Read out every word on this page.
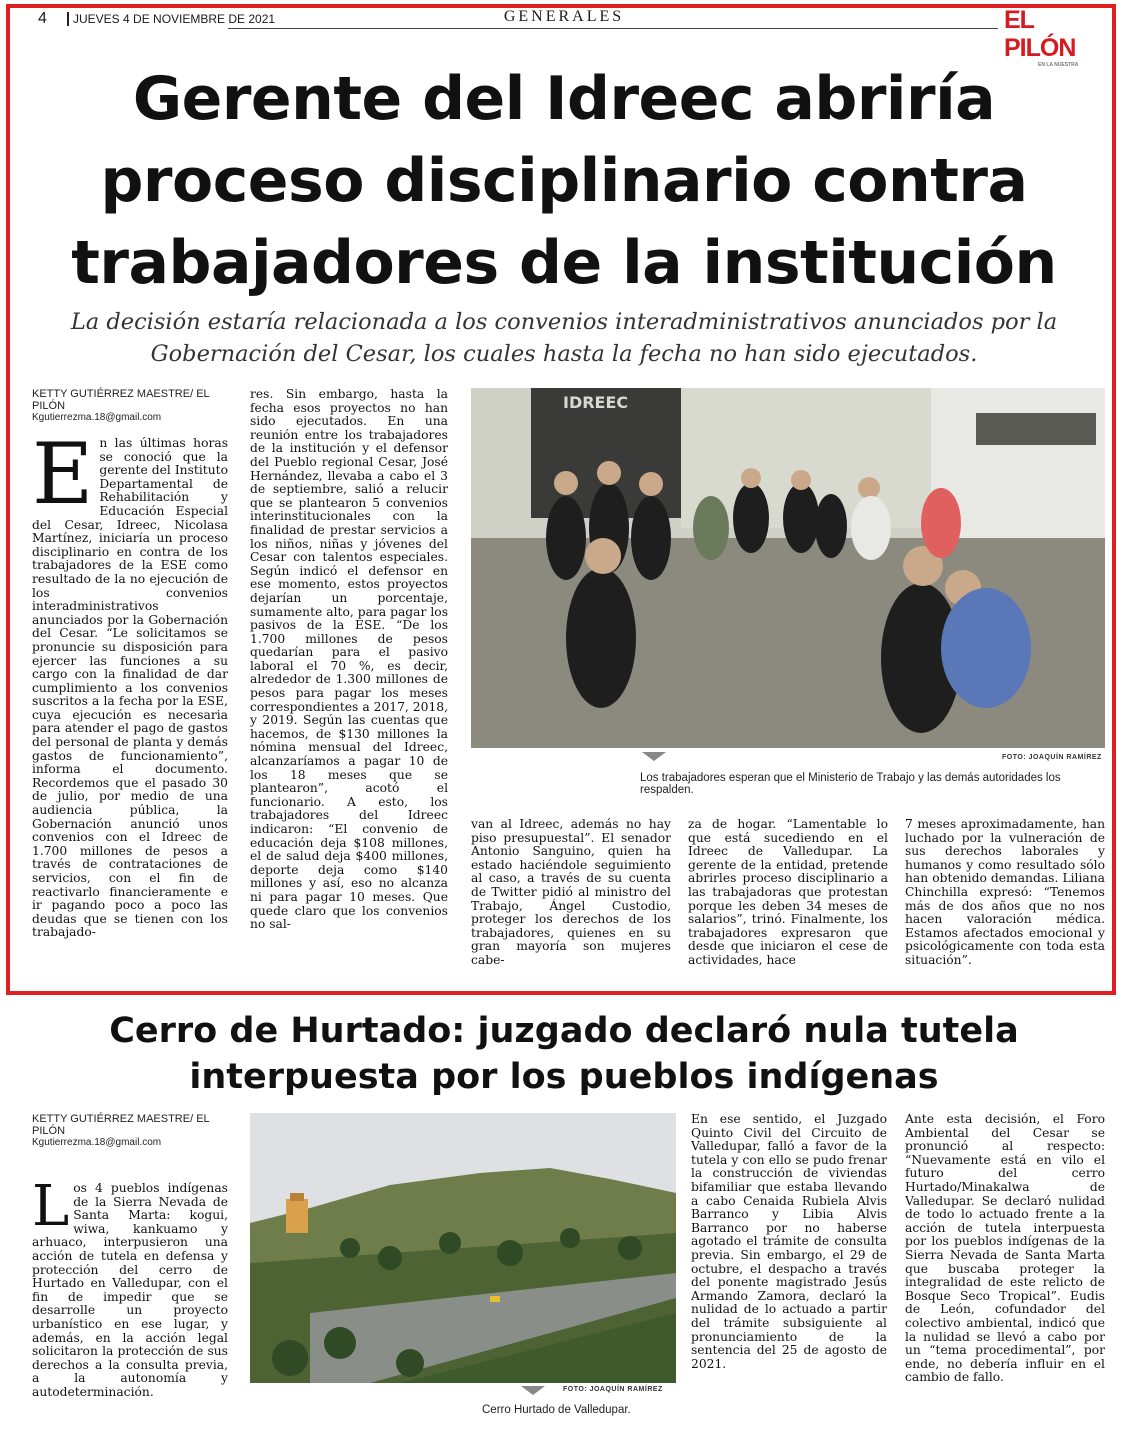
4	JUEVES 4 DE NOVIEMBRE DE 2021	GENERALES	EL PILÓN
EN LA NUESTRA
Gerente del Idreec abriría proceso disciplinario contra trabajadores de la institución
La decisión estaría relacionada a los convenios interadministrativos anunciados por la Gobernación del Cesar, los cuales hasta la fecha no han sido ejecutados.
KETTY GUTIÉRREZ MAESTRE/ EL PILÓN
Kgutierrezma.18@gmail.com
E n las últimas horas se conoció que la gerente del Instituto Departamental de Rehabilitación y Educación Especial del Cesar, Idreec, Nicolasa Martínez, iniciaría un proceso disciplinario en contra de los trabajadores de la ESE como resultado de la no ejecución de los convenios interadministrativos anunciados por la Gobernación del Cesar. “Le solicitamos se pronuncie su disposición para ejercer las funciones a su cargo con la finalidad de dar cumplimiento a los convenios suscritos a la fecha por la ESE, cuya ejecución es necesaria para atender el pago de gastos del personal de planta y demás gastos de funcionamiento”, informa el documento. Recordemos que el pasado 30 de julio, por medio de una audiencia pública, la Gobernación anunció unos convenios con el Idreec de 1.700 millones de pesos a través de contrataciones de servicios, con el fin de reactivarlo financieramente e ir pagando poco a poco las deudas que se tienen con los trabajado-
res. Sin embargo, hasta la fecha esos proyectos no han sido ejecutados. En una reunión entre los trabajadores de la institución y el defensor del Pueblo regional Cesar, José Hernández, llevaba a cabo el 3 de septiembre, salió a relucir que se plantearon 5 convenios interinstitucionales con la finalidad de prestar servicios a los niños, niñas y jóvenes del Cesar con talentos especiales. Según indicó el defensor en ese momento, estos proyectos dejarían un porcentaje, sumamente alto, para pagar los pasivos de la ESE. “De los 1.700 millones de pesos quedarían para el pasivo laboral el 70 %, es decir, alrededor de 1.300 millones de pesos para pagar los meses correspondientes a 2017, 2018, y 2019. Según las cuentas que hacemos, de $130 millones la nómina mensual del Idreec, alcanzaríamos a pagar 10 de los 18 meses que se plantearon”, acotó el funcionario. A esto, los trabajadores del Idreec indicaron: “El convenio de educación deja $108 millones, el de salud deja $400 millones, deporte deja como $140 millones y así, eso no alcanza ni para pagar 10 meses. Que quede claro que los convenios no sal-
IDREEC
FOTO: JOAQUÍN RAMÍREZ
Los trabajadores esperan que el Ministerio de Trabajo y las demás autoridades los respalden.
van al Idreec, además no hay piso presupuestal”. El senador Antonio Sanguino, quien ha estado haciéndole seguimiento al caso, a través de su cuenta de Twitter pidió al ministro del Trabajo, Ángel Custodio, proteger los derechos de los trabajadores, quienes en su gran mayoría son mujeres cabe-
za de hogar. “Lamentable lo que está sucediendo en el Idreec de Valledupar. La gerente de la entidad, pretende abrirles proceso disciplinario a las trabajadoras que protestan porque les deben 34 meses de salarios”, trinó. Finalmente, los trabajadores expresaron que desde que iniciaron el cese de actividades, hace
7 meses aproximadamente, han luchado por la vulneración de sus derechos laborales y humanos y como resultado sólo han obtenido demandas. Liliana Chinchilla expresó: “Tenemos más de dos años que no nos hacen valoración médica. Estamos afectados emocional y psicológicamente con toda esta situación”.
Cerro de Hurtado: juzgado declaró nula tutela interpuesta por los pueblos indígenas
KETTY GUTIÉRREZ MAESTRE/ EL PILÓN
Kgutierrezma.18@gmail.com
L os 4 pueblos indígenas de la Sierra Nevada de Santa Marta: kogui, wiwa, kankuamo y arhuaco, interpusieron una acción de tutela en defensa y protección del cerro de Hurtado en Valledupar, con el fin de impedir que se desarrolle un proyecto urbanístico en ese lugar, y además, en la acción legal solicitaron la protección de sus derechos a la consulta previa, a la autonomía y autodeterminación.	FOTO: JOAQUÍN RAMÍREZ
Cerro Hurtado de Valledupar.
En ese sentido, el Juzgado Quinto Civil del Circuito de Valledupar, falló a favor de la tutela y con ello se pudo frenar la construcción de viviendas bifamiliar que estaba llevando a cabo Cenaida Rubiela Alvis Barranco y Libia Alvis Barranco por no haberse agotado el trámite de consulta previa. Sin embargo, el 29 de octubre, el despacho a través del ponente magistrado Jesús Armando Zamora, declaró la nulidad de lo actuado a partir del trámite subsiguiente al pronunciamiento de la sentencia del 25 de agosto de 2021.
Ante esta decisión, el Foro Ambiental del Cesar se pronunció al respecto: “Nuevamente está en vilo el futuro del cerro Hurtado/Minakalwa de Valledupar. Se declaró nulidad de todo lo actuado frente a la acción de tutela interpuesta por los pueblos indígenas de la Sierra Nevada de Santa Marta que buscaba proteger la integralidad de este relicto de Bosque Seco Tropical”. Eudis de León, cofundador del colectivo ambiental, indicó que la nulidad se llevó a cabo por un “tema procedimental”, por ende, no debería influir en el cambio de fallo.
